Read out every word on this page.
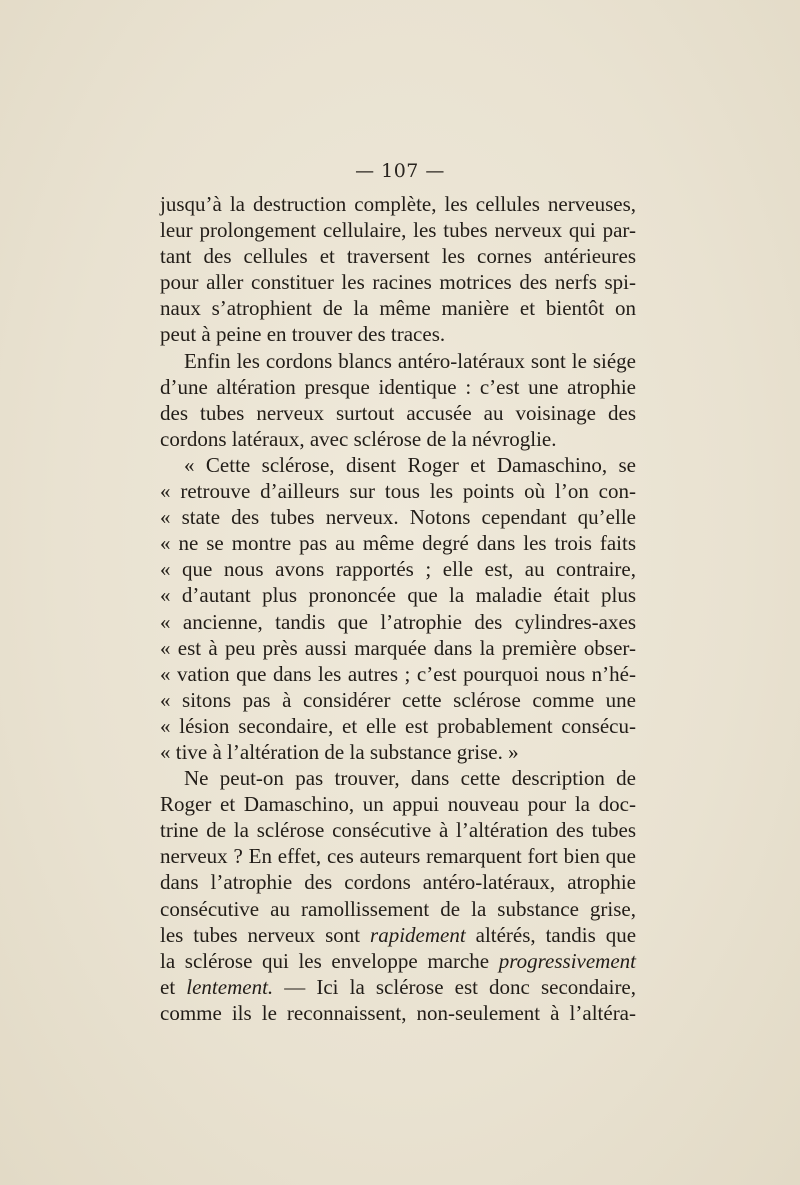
— 107 —
jusqu’à la destruction complète, les cellules nerveuses,
leur prolongement cellulaire, les tubes nerveux qui par-
tant des cellules et traversent les cornes antérieures
pour aller constituer les racines motrices des nerfs spi-
naux s’atrophient de la même manière et bientôt on
peut à peine en trouver des traces.
Enfin les cordons blancs antéro-latéraux sont le siége
d’une altération presque identique : c’est une atrophie
des tubes nerveux surtout accusée au voisinage des
cordons latéraux, avec sclérose de la névroglie.
« Cette sclérose, disent Roger et Damaschino, se
« retrouve d’ailleurs sur tous les points où l’on con-
« state des tubes nerveux. Notons cependant qu’elle
« ne se montre pas au même degré dans les trois faits
« que nous avons rapportés ; elle est, au contraire,
« d’autant plus prononcée que la maladie était plus
« ancienne, tandis que l’atrophie des cylindres-axes
« est à peu près aussi marquée dans la première obser-
« vation que dans les autres ; c’est pourquoi nous n’hé-
« sitons pas à considérer cette sclérose comme une
« lésion secondaire, et elle est probablement consécu-
« tive à l’altération de la substance grise. »
Ne peut-on pas trouver, dans cette description de
Roger et Damaschino, un appui nouveau pour la doc-
trine de la sclérose consécutive à l’altération des tubes
nerveux ? En effet, ces auteurs remarquent fort bien que
dans l’atrophie des cordons antéro-latéraux, atrophie
consécutive au ramollissement de la substance grise,
les tubes nerveux sont rapidement altérés, tandis que
la sclérose qui les enveloppe marche progressivement
et lentement. — Ici la sclérose est donc secondaire,
comme ils le reconnaissent, non-seulement à l’altéra-
